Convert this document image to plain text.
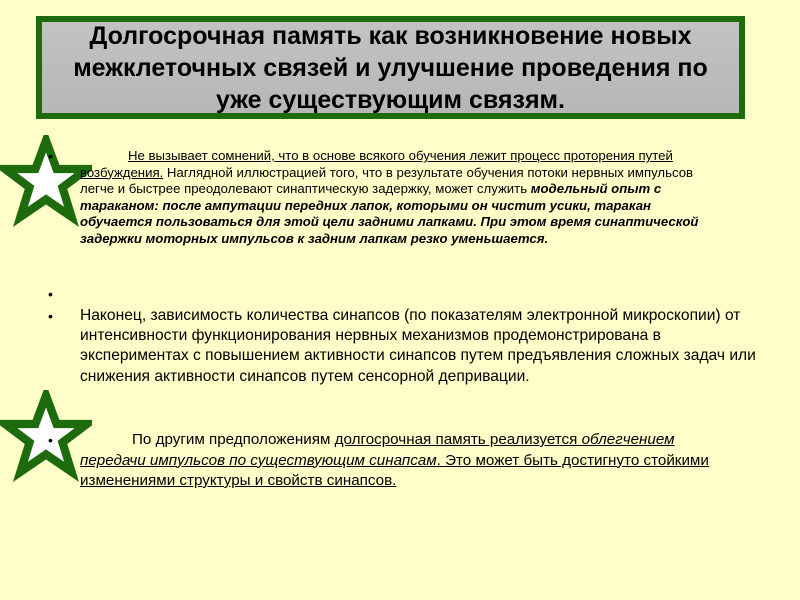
Долгосрочная память как возникновение новых межклеточных связей и улучшение проведения по уже существующим связям.
•	Не вызывает сомнений, что в основе всякого обучения лежит процесс проторения путей возбуждения. Наглядной иллюстрацией того, что в результате обучения потоки нервных импульсов легче и быстрее преодолевают синаптическую задержку, может служить модельный опыт с тараканом: после ампутации передних лапок, которыми он чистит усики, таракан обучается пользоваться для этой цели задними лапками. При этом время синаптической задержки моторных импульсов к задним лапкам резко уменьшается.

•
• Наконец, зависимость количества синапсов (по показателям электронной микроскопии) от интенсивности функционирования нервных механизмов продемонстрирована в экспериментах с повышением активности синапсов путем предъявления сложных задач или снижения активности синапсов путем сенсорной депривации.

•	По другим предположениям долгосрочная память реализуется облегчением передачи импульсов по существующим синапсам. Это может быть достигнуто стойкими изменениями структуры и свойств синапсов.
